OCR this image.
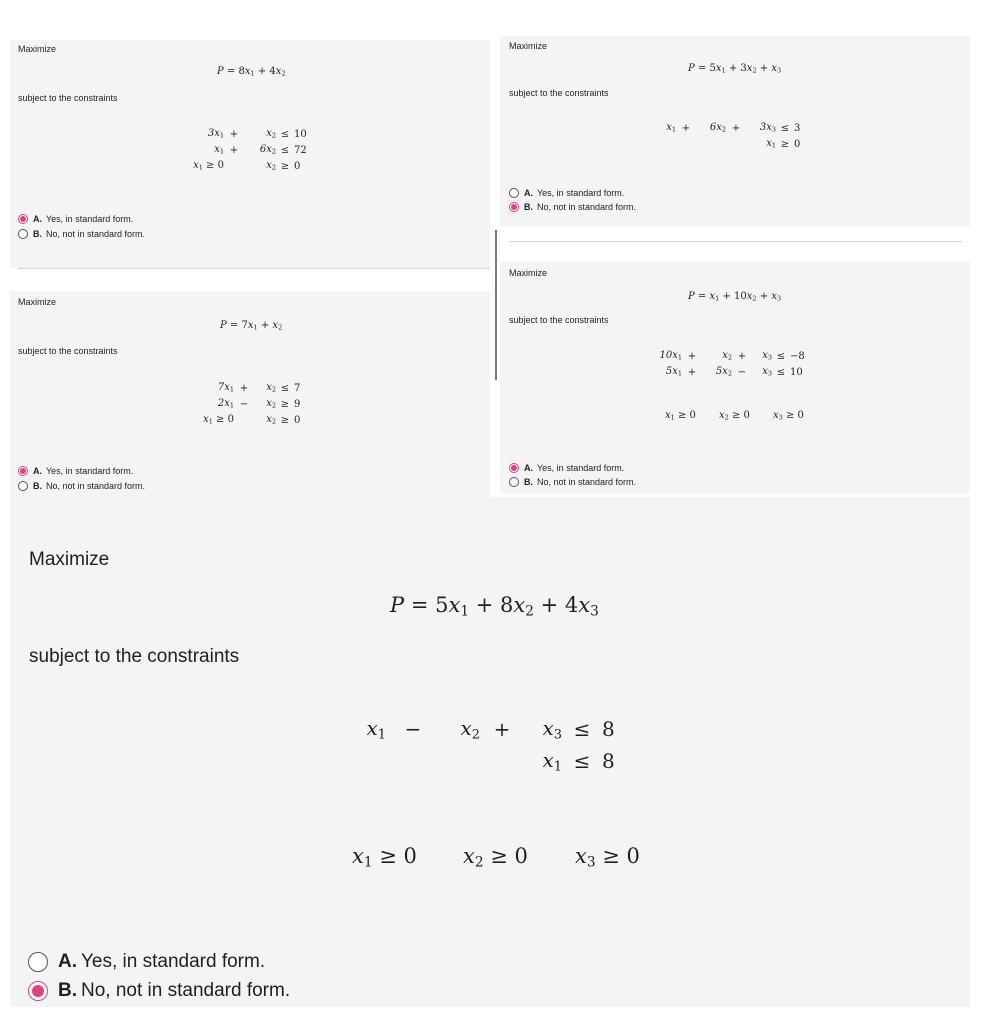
Maximize
$P = 8x_1 + 4x_2$
subject to the constraints
$3x_1$ +	$x_2 \le 10$
$x_1$ +	$6x_2 \le 72$
$x_1 \ge 0$	$x_2 \ge 0$
A. Yes, in standard form.
B. No, not in standard form.
Maximize
$P = 7x_1 + x_2$
subject to the constraints
$7x_1$ +	$x_2 \le 7$
$2x_1$ −	$x_2 \ge 9$
$x_1 \ge 0$	$x_2 \ge 0$
A. Yes, in standard form.
B. No, not in standard form.
Maximize
$P = 5x_1 + 3x_2 + x_3$
subject to the constraints
$x_1$ +	$6x_2$ +	$3x_3 \le 3$
$x_1 \ge 0$
A. Yes, in standard form.
B. No, not in standard form.
Maximize
$P = x_1 + 10x_2 + x_3$
subject to the constraints
$10x_1$ +	$x_2$ +	$x_3 \le -8$
$5x_1$ +	$5x_2$ −	$x_3 \le 10$
$x_1 \ge 0$ $x_2 \ge 0$ $x_3 \ge 0$
A. Yes, in standard form.
B. No, not in standard form.
Maximize
$P = 5x_1 + 8x_2 + 4x_3$
subject to the constraints
$x_1$ −	$x_2$ +	$x_3 \le 8$
$x_1 \le 8$
$x_1 \ge 0$ $x_2 \ge 0$ $x_3 \ge 0$
A. Yes, in standard form.
B. No, not in standard form.
